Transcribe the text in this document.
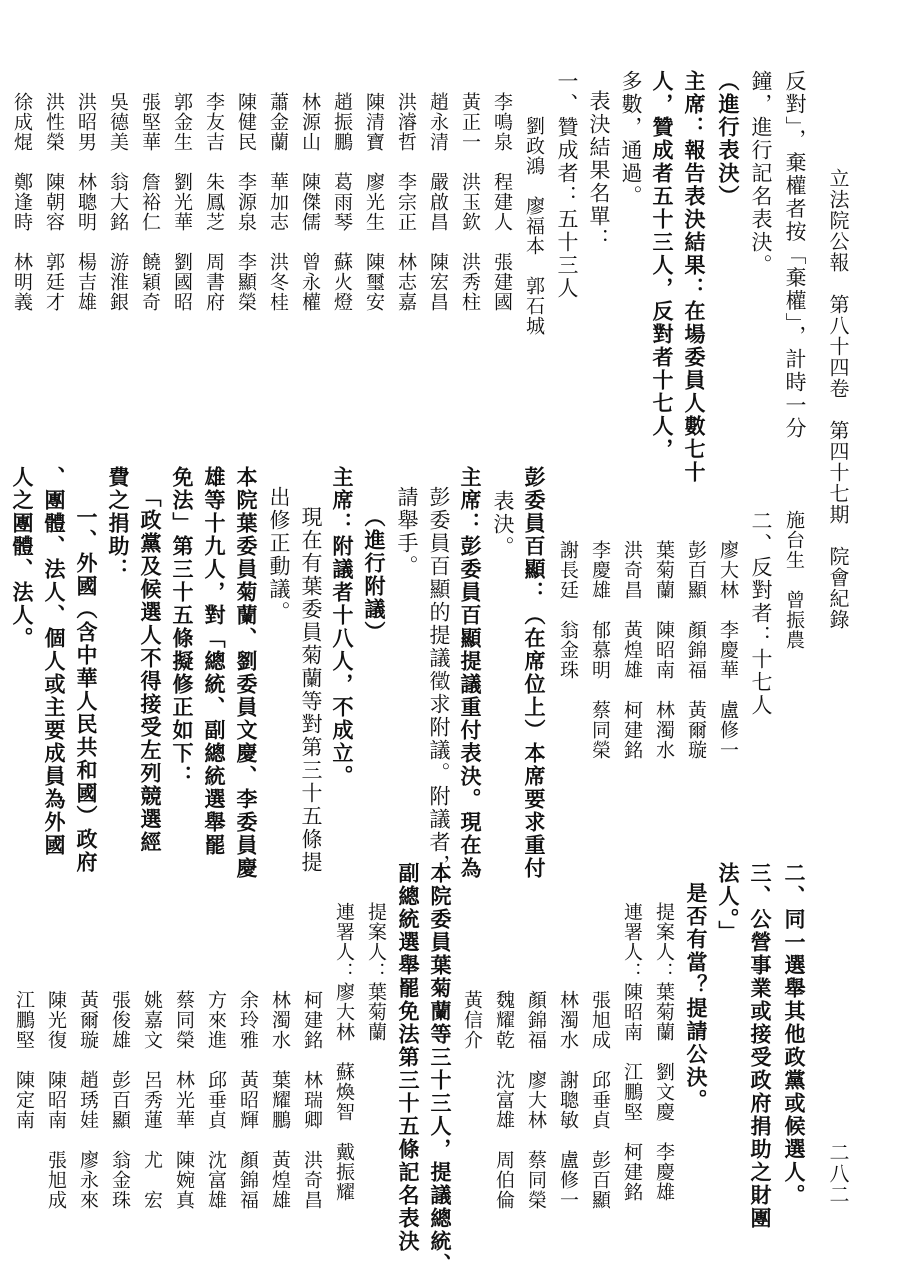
立法院公報　第八十四卷　第四十七期　院會紀錄
二八二
反對」，棄權者按「棄權」，計時一分
鐘，進行記名表決。
（進行表決）
主席：報告表決結果：在場委員人數七十
人，贊成者五十三人，反對者十七人，
多數，通過。
表決結果名單：
一、贊成者：五十三人
劉政鴻　廖福本　郭石城
李鳴泉　程建人　張建國
黃正一　洪玉欽　洪秀柱
趙永清　嚴啟昌　陳宏昌
洪濬哲　李宗正　林志嘉
陳清寶　廖光生　陳璽安
趙振鵬　葛雨琴　蘇火燈
林源山　陳傑儒　曾永權
蕭金蘭　華加志　洪冬桂
陳健民　李源泉　李顯榮
李友吉　朱鳳芝　周書府
郭金生　劉光華　劉國昭
張堅華　詹裕仁　饒穎奇
吳德美　翁大銘　游淮銀
洪昭男　林聰明　楊吉雄
洪性榮　陳朝容　郭廷才
徐成焜　鄭逢時　林明義
施台生　曾振農
二、反對者：十七人
廖大林　李慶華　盧修一
彭百顯　顏錦福　黃爾璇
葉菊蘭　陳昭南　林濁水
洪奇昌　黃煌雄　柯建銘
李慶雄　郁慕明　蔡同榮
謝長廷　翁金珠
彭委員百顯：（在席位上）本席要求重付
表決。
主席：彭委員百顯提議重付表決。現在為
彭委員百顯的提議徵求附議。附議者，
請舉手。
（進行附議）
主席：附議者十八人，不成立。
現在有葉委員菊蘭等對第三十五條提
出修正動議。
本院葉委員菊蘭、劉委員文慶、李委員慶
雄等十九人，對「總統、副總統選舉罷
免法」第三十五條擬修正如下：
「政黨及候選人不得接受左列競選經
費之捐助：
一、外國（含中華人民共和國）政府
、團體、法人、個人或主要成員為外國
人之團體、法人。
二、同一選舉其他政黨或候選人。
三、公營事業或接受政府捐助之財團
法人。」
是否有當？提請公決。
提案人：葉菊蘭　劉文慶　李慶雄
連署人：陳昭南　江鵬堅　柯建銘
張旭成　邱垂貞　彭百顯
林濁水　謝聰敏　盧修一
顏錦福　廖大林　蔡同榮
魏耀乾　沈富雄　周伯倫
黃信介
本院委員葉菊蘭等三十三人，提議總統、
副總統選舉罷免法第三十五條記名表決
提案人：葉菊蘭
連署人：廖大林　蘇煥智　戴振耀
柯建銘　林瑞卿　洪奇昌
林濁水　葉耀鵬　黃煌雄
余玲雅　黃昭輝　顏錦福
方來進　邱垂貞　沈富雄
蔡同榮　林光華　陳婉真
姚嘉文　呂秀蓮　尤　宏
張俊雄　彭百顯　翁金珠
黃爾璇　趙琇娃　廖永來
陳光復　陳昭南　張旭成
江鵬堅　陳定南
